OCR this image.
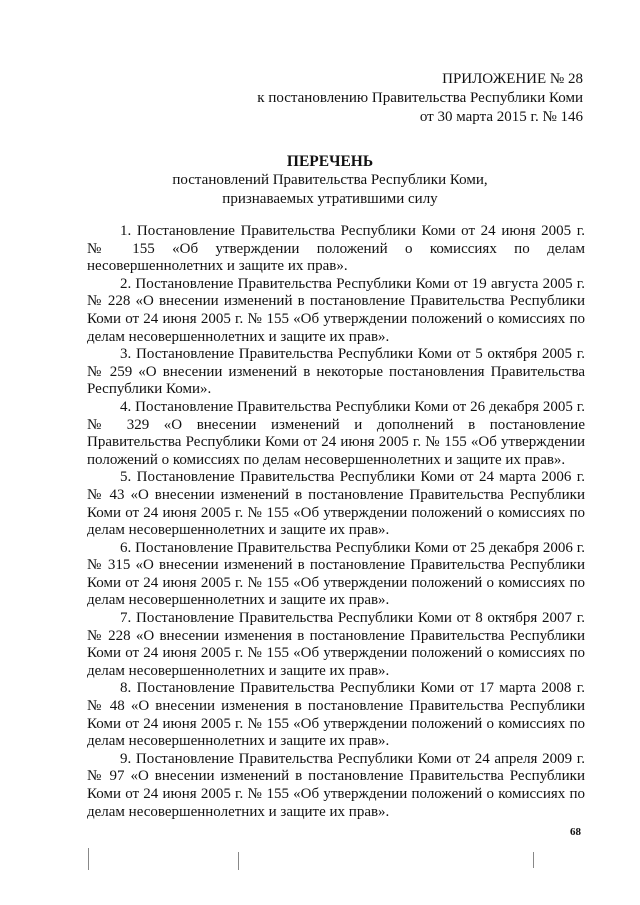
ПРИЛОЖЕНИЕ № 28
к постановлению Правительства Республики Коми
от 30 марта 2015 г. № 146
ПЕРЕЧЕНЬ
постановлений Правительства Республики Коми,
признаваемых утратившими силу

1. Постановление Правительства Республики Коми от 24 июня 2005 г. № 155 «Об утверждении положений о комиссиях по делам несовершеннолетних и защите их прав».

2. Постановление Правительства Республики Коми от 19 августа 2005 г. № 228 «О внесении изменений в постановление Правительства Республики Коми от 24 июня 2005 г. № 155 «Об утверждении положений о комиссиях по делам несовершеннолетних и защите их прав».

3. Постановление Правительства Республики Коми от 5 октября 2005 г. № 259 «О внесении изменений в некоторые постановления Правительства Республики Коми».

4. Постановление Правительства Республики Коми от 26 декабря 2005 г. № 329 «О внесении изменений и дополнений в постановление Правительства Республики Коми от 24 июня 2005 г. № 155 «Об утверждении положений о комиссиях по делам несовершеннолетних и защите их прав».

5. Постановление Правительства Республики Коми от 24 марта 2006 г. № 43 «О внесении изменений в постановление Правительства Республики Коми от 24 июня 2005 г. № 155 «Об утверждении положений о комиссиях по делам несовершеннолетних и защите их прав».

6. Постановление Правительства Республики Коми от 25 декабря 2006 г. № 315 «О внесении изменений в постановление Правительства Республики Коми от 24 июня 2005 г. № 155 «Об утверждении положений о комиссиях по делам несовершеннолетних и защите их прав».

7. Постановление Правительства Республики Коми от 8 октября 2007 г. № 228 «О внесении изменения в постановление Правительства Республики Коми от 24 июня 2005 г. № 155 «Об утверждении положений о комиссиях по делам несовершеннолетних и защите их прав».

8. Постановление Правительства Республики Коми от 17 марта 2008 г. № 48 «О внесении изменения в постановление Правительства Республики Коми от 24 июня 2005 г. № 155 «Об утверждении положений о комиссиях по делам несовершеннолетних и защите их прав».

9. Постановление Правительства Республики Коми от 24 апреля 2009 г. № 97 «О внесении изменений в постановление Правительства Республики Коми от 24 июня 2005 г. № 155 «Об утверждении положений о комиссиях по делам несовершеннолетних и защите их прав».

68
